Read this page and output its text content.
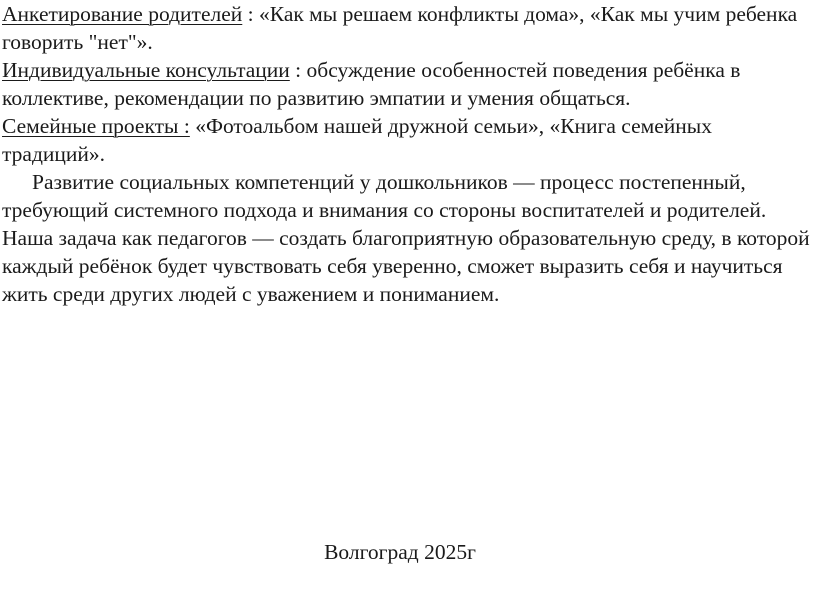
Анкетирование родителей : «Как мы решаем конфликты дома», «Как мы учим ребенка говорить "нет"».

Индивидуальные консультации : обсуждение особенностей поведения ребёнка в коллективе, рекомендации по развитию эмпатии и умения общаться.

Семейные проекты : «Фотоальбом нашей дружной семьи», «Книга семейных традиций».

Развитие социальных компетенций у дошкольников — процесс постепенный, требующий системного подхода и внимания со стороны воспитателей и родителей. Наша задача как педагогов — создать благоприятную образовательную среду, в которой каждый ребёнок будет чувствовать себя уверенно, сможет выразить себя и научиться жить среди других людей с уважением и пониманием.

Волгоград 2025г
